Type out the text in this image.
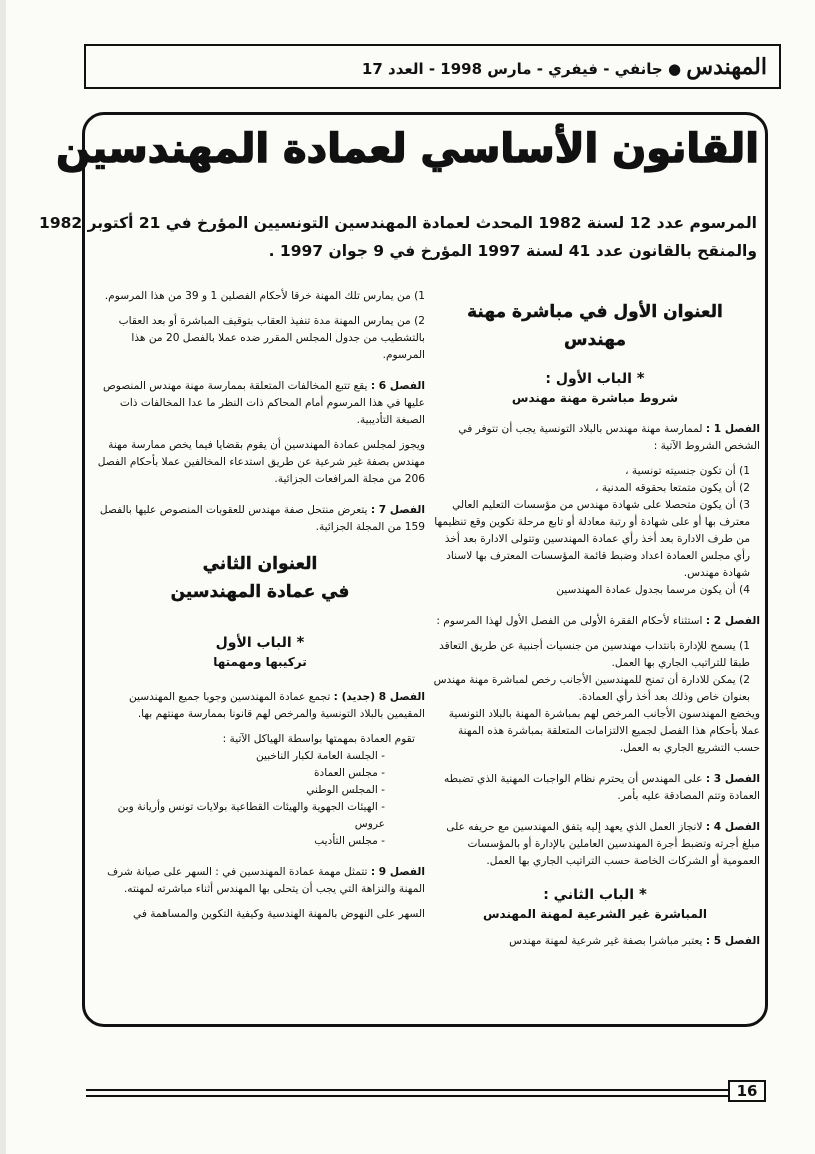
المهندس ● جانفي - فيفري - مارس 1998 - العدد 17
القانون الأساسي لعمادة المهندسين
المرسوم عدد 12 لسنة 1982 المحدث لعمادة المهندسين التونسيين المؤرخ في 21 أكتوبر 1982
والمنقح بالقانون عدد 41 لسنة 1997 المؤرخ في 9 جوان 1997 .
العنوان الأول في مباشرة مهنة
مهندس
* الباب الأول :
شروط مباشرة مهنة مهندس

الفصل 1 : لممارسة مهنة مهندس بالبلاد التونسية يجب أن تتوفر في الشخص الشروط الآتية :

1) أن تكون جنسيته تونسية ،
2) أن يكون متمتعا بحقوقه المدنية ،
3) أن يكون متحصلا على شهادة مهندس من مؤسسات التعليم العالي معترف بها أو على شهادة أو رتبة معادلة أو تابع مرحلة تكوين وقع تنظيمها من طرف الادارة بعد أخذ رأي عمادة المهندسين وتتولى الادارة بعد أخذ رأي مجلس العمادة اعداد وضبط قائمة المؤسسات المعترف بها لاسناد شهادة مهندس.
4) أن يكون مرسما بجدول عمادة المهندسين

الفصل 2 : استثناء لأحكام الفقرة الأولى من الفصل الأول لهذا المرسوم :

1) يسمح للإدارة بانتداب مهندسين من جنسيات أجنبية عن طريق التعاقد طبقا للتراتيب الجاري بها العمل.
2) يمكن للادارة أن تمنح للمهندسين الأجانب رخص لمباشرة مهنة مهندس بعنوان خاص وذلك بعد أخذ رأي العمادة.

ويخضع المهندسون الأجانب المرخص لهم بمباشرة المهنة بالبلاد التونسية عملا بأحكام هذا الفصل لجميع الالتزامات المتعلقة بمباشرة هذه المهنة حسب التشريع الجاري به العمل.

الفصل 3 : على المهندس أن يحترم نظام الواجبات المهنية الذي تضبطه العمادة وتتم المصادقة عليه بأمر.

الفصل 4 : لانجاز العمل الذي يعهد إليه يتفق المهندسين مع حريفه على مبلغ أجرته وتضبط أجرة المهندسين العاملين بالإدارة أو بالمؤسسات العمومية أو الشركات الخاصة حسب التراتيب الجاري بها العمل.

* الباب الثاني :
المباشرة غير الشرعية لمهنة المهندس

الفصل 5 : يعتبر مباشرا بصفة غير شرعية لمهنة مهندس

1) من يمارس تلك المهنة خرقا لأحكام الفصلين 1 و 39 من هذا المرسوم.

2) من يمارس المهنة مدة تنفيذ العقاب بتوقيف المباشرة أو بعد العقاب بالتشطيب من جدول المجلس المقرر ضده عملا بالفصل 20 من هذا المرسوم.

الفصل 6 : يقع تتبع المخالفات المتعلقة بممارسة مهنة مهندس المنصوص عليها في هذا المرسوم أمام المحاكم ذات النظر ما عدا المخالفات ذات الصبغة التأديبية.

ويجوز لمجلس عمادة المهندسين أن يقوم بقضايا فيما يخص ممارسة مهنة مهندس بصفة غير شرعية عن طريق استدعاء المخالفين عملا بأحكام الفصل 206 من مجلة المرافعات الجزائية.

الفصل 7 : يتعرض منتحل صفة مهندس للعقوبات المنصوص عليها بالفصل 159 من المجلة الجزائية.

العنوان الثاني
في عمادة المهندسين
* الباب الأول
تركيبها ومهمتها

الفصل 8 (جديد) : تجمع عمادة المهندسين وجوبا جميع المهندسين المقيمين بالبلاد التونسية والمرخص لهم قانونا بممارسة مهنتهم بها.

تقوم العمادة بمهمتها بواسطة الهياكل الآتية :
- الجلسة العامة لكبار الناخبين
- مجلس العمادة
- المجلس الوطني
- الهيئات الجهوية والهيئات القطاعية بولايات تونس وأريانة وبن عروس
- مجلس التأديب

الفصل 9 : تتمثل مهمة عمادة المهندسين في : السهر على صيانة شرف المهنة والنزاهة التي يجب أن يتحلى بها المهندس أثناء مباشرته لمهنته.

السهر على النهوض بالمهنة الهندسية وكيفية التكوين والمساهمة في

16
